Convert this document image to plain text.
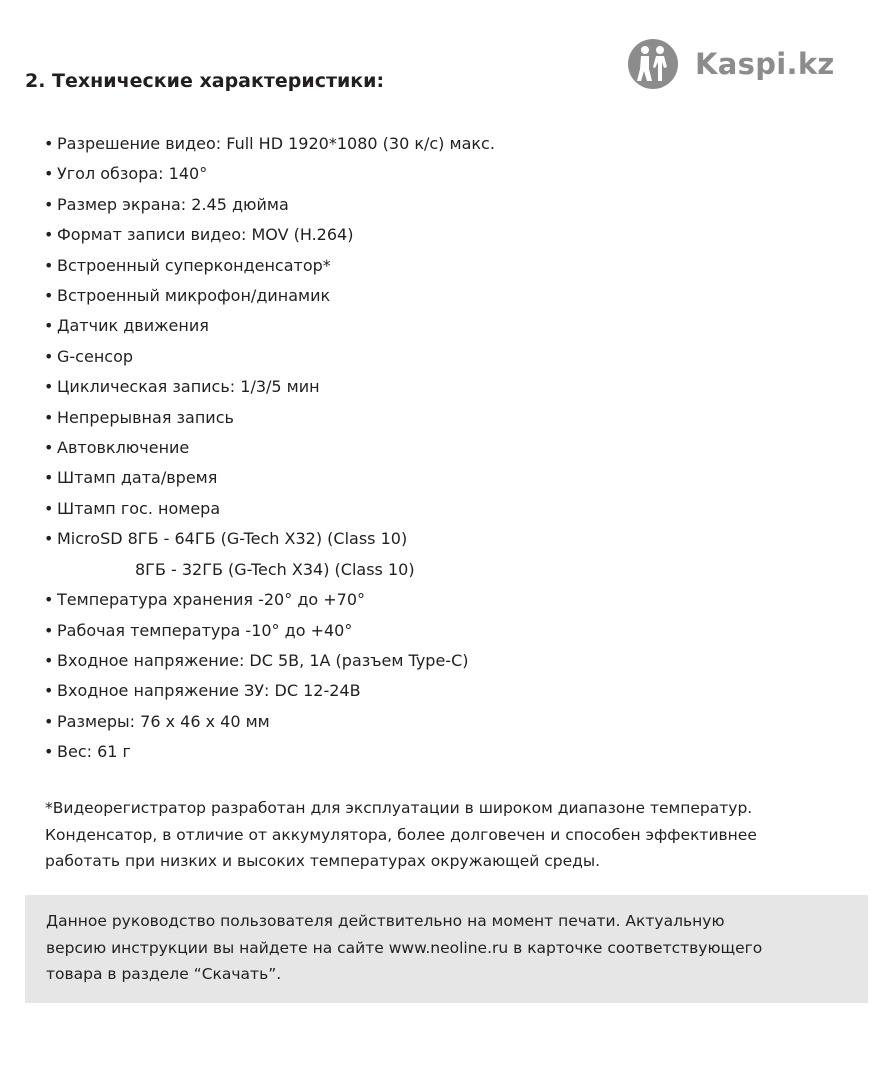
Kaspi.kz
2. Технические характеристики:
• Разрешение видео: Full HD 1920*1080 (30 к/с) макс.
• Угол обзора: 140°
• Размер экрана: 2.45 дюйма
• Формат записи видео: MOV (H.264)
• Встроенный суперконденсатор*
• Встроенный микрофон/динамик
• Датчик движения
• G-сенсор
• Циклическая запись: 1/3/5 мин
• Непрерывная запись
• Автовключение
• Штамп дата/время
• Штамп гос. номера
• MicroSD 8ГБ - 64ГБ (G-Tech X32) (Class 10)
8ГБ - 32ГБ (G-Tech X34) (Class 10)
• Температура хранения -20° до +70°
• Рабочая температура -10° до +40°
• Входное напряжение: DC 5В, 1А (разъем Type-C)
• Входное напряжение ЗУ: DC 12-24В
• Размеры: 76 х 46 х 40 мм
• Вес: 61 г

*Видеорегистратор разработан для эксплуатации в широком диапазоне температур.
Конденсатор, в отличие от аккумулятора, более долговечен и способен эффективнее
работать при низких и высоких температурах окружающей среды.

Данное руководство пользователя действительно на момент печати. Актуальную
версию инструкции вы найдете на сайте www.neoline.ru в карточке соответствующего
товара в разделе “Скачать”.
